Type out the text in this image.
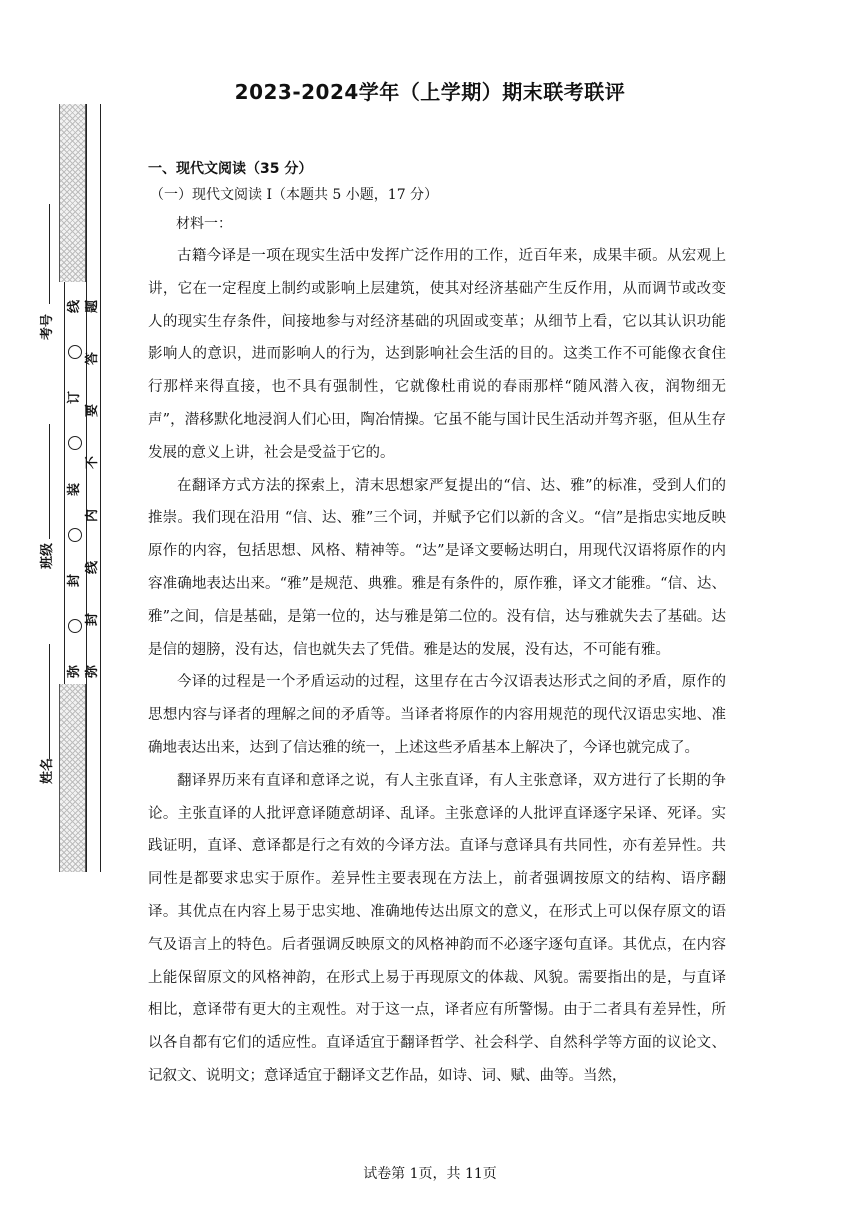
2023-2024学年（上学期）期末联考联评
线
订
装
封
弥
题
答
要
不
内
线
封
弥
考号
班级
姓名
一、现代文阅读（35 分）
（一）现代文阅读 I（本题共 5 小题，17 分）
材料一：

古籍今译是一项在现实生活中发挥广泛作用的工作，近百年来，成果丰硕。从宏观上讲，它在一定程度上制约或影响上层建筑，使其对经济基础产生反作用，从而调节或改变人的现实生存条件，间接地参与对经济基础的巩固或变革；从细节上看，它以其认识功能影响人的意识，进而影响人的行为，达到影响社会生活的目的。这类工作不可能像衣食住行那样来得直接，也不具有强制性，它就像杜甫说的春雨那样“随风潜入夜，润物细无声”，潜移默化地浸润人们心田，陶冶情操。它虽不能与国计民生活动并驾齐驱，但从生存发展的意义上讲，社会是受益于它的。

在翻译方式方法的探索上，清末思想家严复提出的“信、达、雅”的标准，受到人们的推崇。我们现在沿用 “信、达、雅”三个词，并赋予它们以新的含义。“信”是指忠实地反映原作的内容，包括思想、风格、精神等。“达”是译文要畅达明白，用现代汉语将原作的内容准确地表达出来。“雅”是规范、典雅。雅是有条件的，原作雅，译文才能雅。“信、达、雅”之间，信是基础，是第一位的，达与雅是第二位的。没有信，达与雅就失去了基础。达是信的翅膀，没有达，信也就失去了凭借。雅是达的发展，没有达，不可能有雅。

今译的过程是一个矛盾运动的过程，这里存在古今汉语表达形式之间的矛盾，原作的思想内容与译者的理解之间的矛盾等。当译者将原作的内容用规范的现代汉语忠实地、准确地表达出来，达到了信达雅的统一，上述这些矛盾基本上解决了，今译也就完成了。

翻译界历来有直译和意译之说，有人主张直译，有人主张意译，双方进行了长期的争论。主张直译的人批评意译随意胡译、乱译。主张意译的人批评直译逐字呆译、死译。实践证明，直译、意译都是行之有效的今译方法。直译与意译具有共同性，亦有差异性。共同性是都要求忠实于原作。差异性主要表现在方法上，前者强调按原文的结构、语序翻译。其优点在内容上易于忠实地、准确地传达出原文的意义，在形式上可以保存原文的语气及语言上的特色。后者强调反映原文的风格神韵而不必逐字逐句直译。其优点，在内容上能保留原文的风格神韵，在形式上易于再现原文的体裁、风貌。需要指出的是，与直译相比，意译带有更大的主观性。对于这一点，译者应有所警惕。由于二者具有差异性，所以各自都有它们的适应性。直译适宜于翻译哲学、社会科学、自然科学等方面的议论文、记叙文、说明文；意译适宜于翻译文艺作品，如诗、词、赋、曲等。当然，

试卷第 1页，共 11页
